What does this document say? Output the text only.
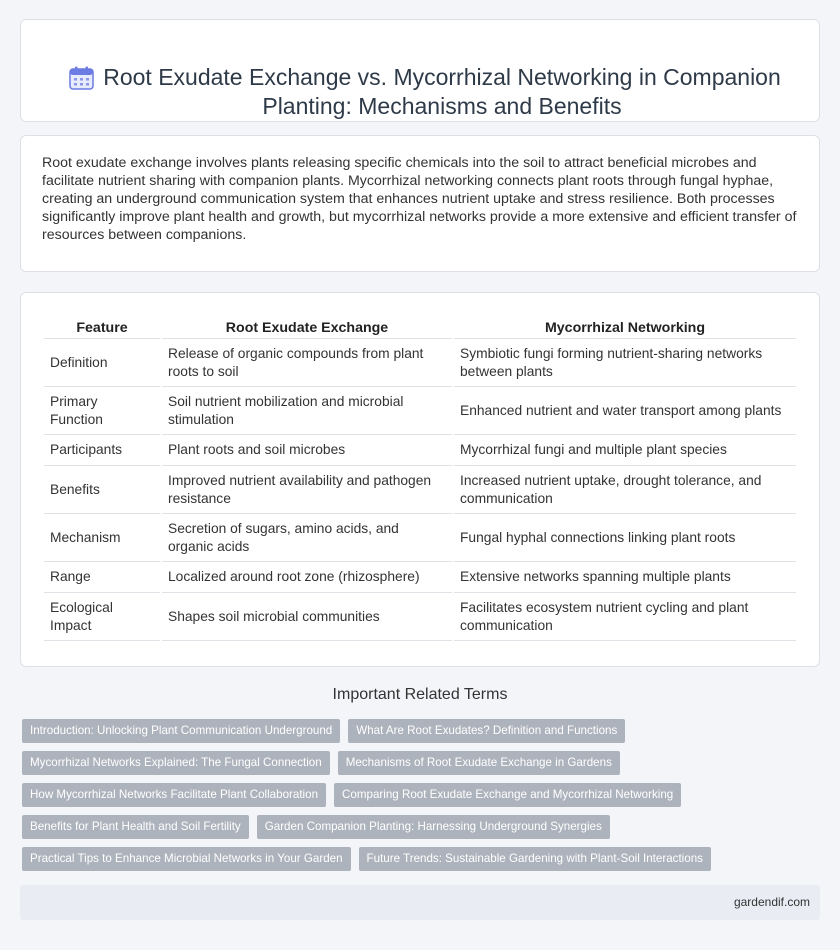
Root Exudate Exchange vs. Mycorrhizal Networking in Companion Planting: Mechanisms and Benefits

Root exudate exchange involves plants releasing specific chemicals into the soil to attract beneficial microbes and facilitate nutrient sharing with companion plants. Mycorrhizal networking connects plant roots through fungal hyphae, creating an underground communication system that enhances nutrient uptake and stress resilience. Both processes significantly improve plant health and growth, but mycorrhizal networks provide a more extensive and efficient transfer of resources between companions.

Feature	Root Exudate Exchange	Mycorrhizal Networking
Definition	Release of organic compounds from plant roots to soil	Symbiotic fungi forming nutrient-sharing networks between plants
Primary Function	Soil nutrient mobilization and microbial stimulation	Enhanced nutrient and water transport among plants
Participants	Plant roots and soil microbes	Mycorrhizal fungi and multiple plant species
Benefits	Improved nutrient availability and pathogen resistance	Increased nutrient uptake, drought tolerance, and communication
Mechanism	Secretion of sugars, amino acids, and organic acids	Fungal hyphal connections linking plant roots
Range	Localized around root zone (rhizosphere)	Extensive networks spanning multiple plants
Ecological Impact	Shapes soil microbial communities	Facilitates ecosystem nutrient cycling and plant communication
Important Related Terms
Introduction: Unlocking Plant Communication Underground	What Are Root Exudates? Definition and Functions
Mycorrhizal Networks Explained: The Fungal Connection	Mechanisms of Root Exudate Exchange in Gardens
How Mycorrhizal Networks Facilitate Plant Collaboration	Comparing Root Exudate Exchange and Mycorrhizal Networking
Benefits for Plant Health and Soil Fertility	Garden Companion Planting: Harnessing Underground Synergies
Practical Tips to Enhance Microbial Networks in Your Garden	Future Trends: Sustainable Gardening with Plant-Soil Interactions
gardendif.com
